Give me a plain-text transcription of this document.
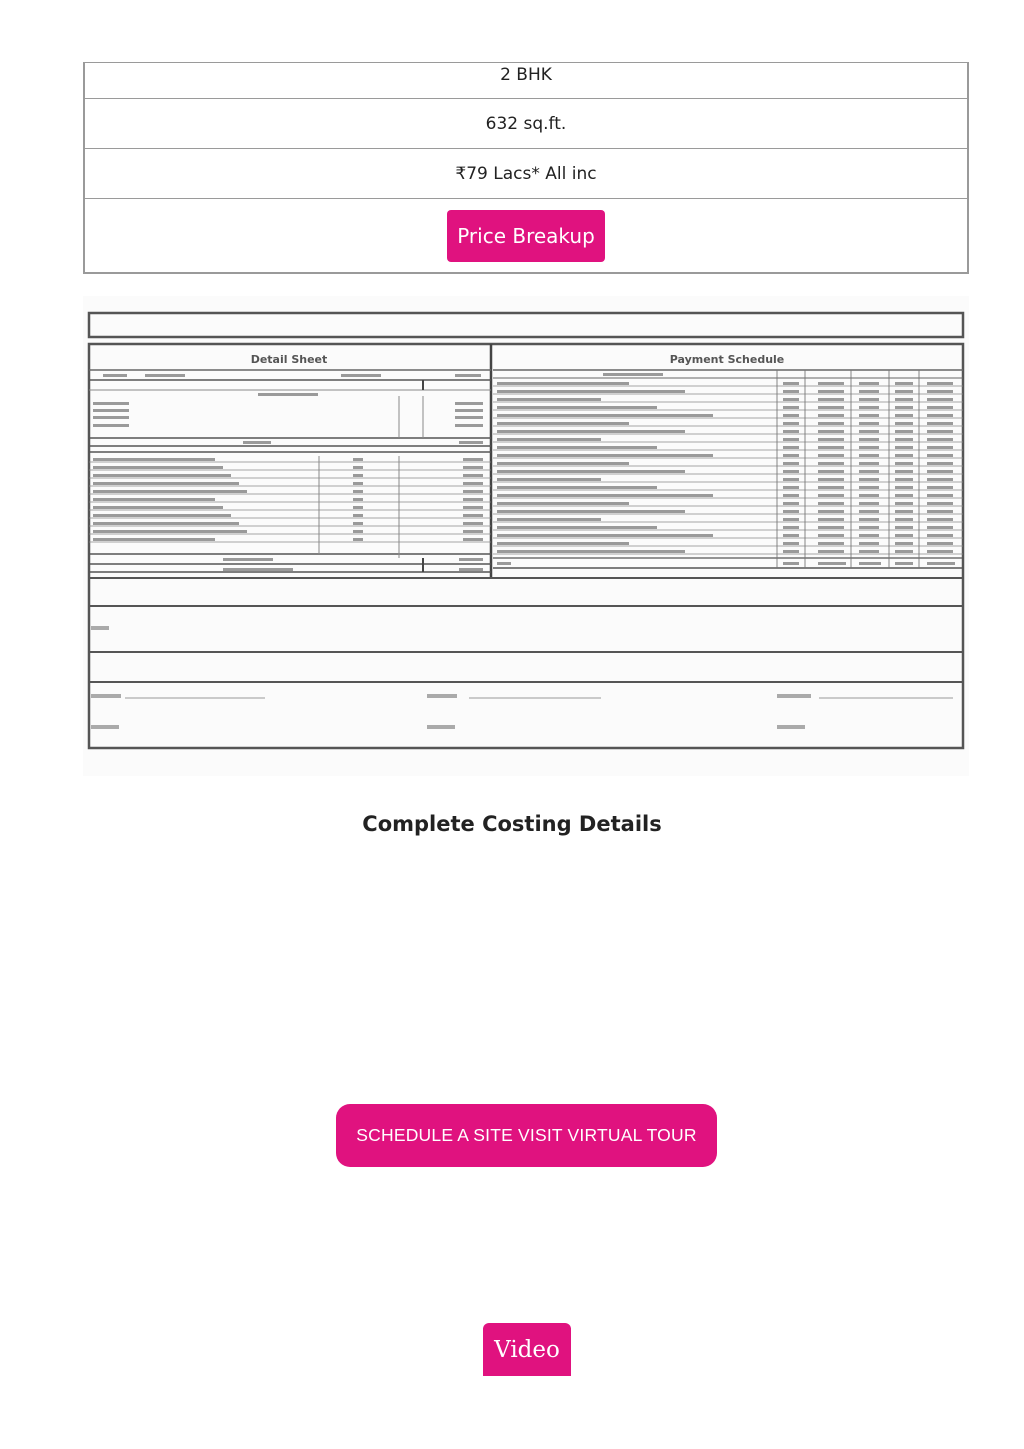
2 BHK
632 sq.ft.
₹79 Lacs* All inc
Price Breakup
Detail Sheet	Payment Schedule
Complete Costing Details
SCHEDULE A SITE VISIT VIRTUAL TOUR
Video
